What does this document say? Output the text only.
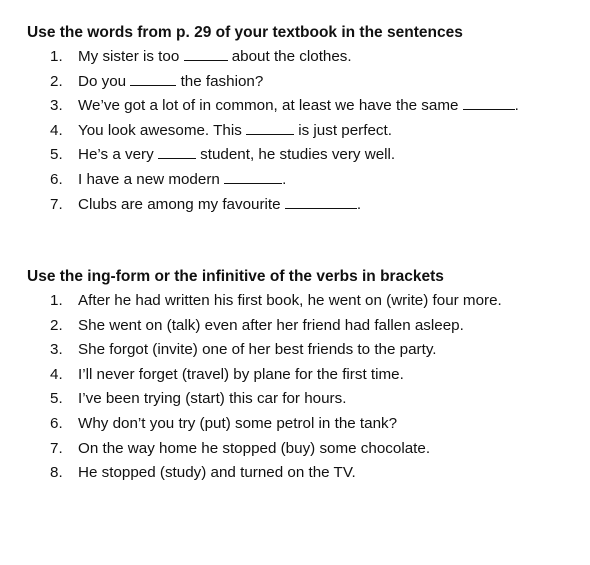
Use the words from p. 29 of your textbook in the sentences
1.	My sister is too	about the clothes.
2.	Do you	the fashion?
3.	We’ve got a lot of in common, at least we have the same	.
4.	You look awesome. This	is just perfect.
5.	He’s a very	student, he studies very well.
6.	I have a new modern	.
7.	Clubs are among my favourite	.
Use the ing-form or the infinitive of the verbs in brackets
1.	After he had written his first book, he went on (write) four more.
2.	She went on (talk) even after her friend had fallen asleep.
3.	She forgot (invite) one of her best friends to the party.
4.	I’ll never forget (travel) by plane for the first time.
5.	I’ve been trying (start) this car for hours.
6.	Why don’t you try (put) some petrol in the tank?
7.	On the way home he stopped (buy) some chocolate.
8.	He stopped (study) and turned on the TV.
